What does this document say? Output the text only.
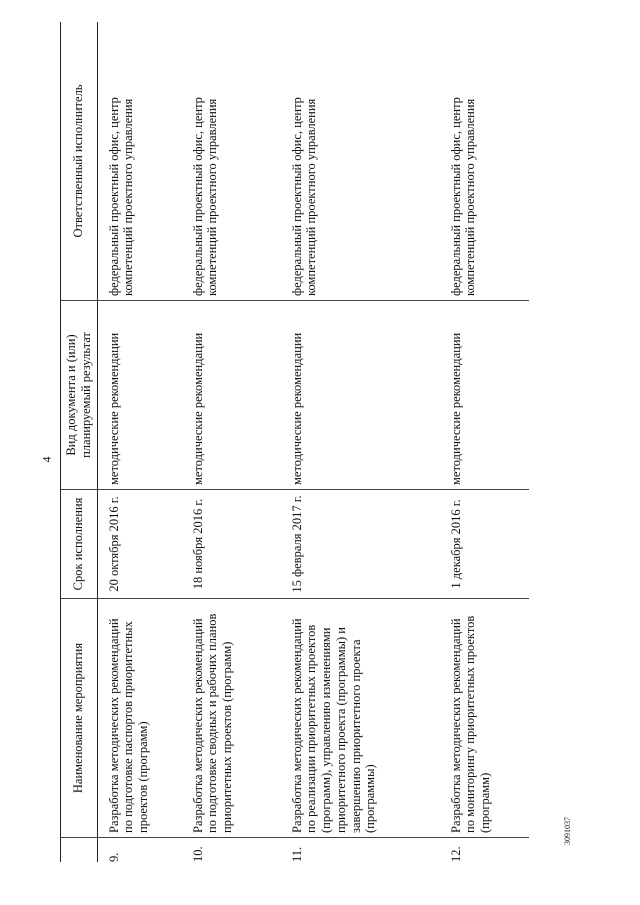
4
3091037
	Наименование мероприятия	Срок исполнения	Вид документа и (или) планируемый результат	Ответственный исполнитель
9.	Разработка методических рекомендаций по подготовке паспортов приоритетных проектов (программ)	20 октября 2016 г.	методические рекомендации	федеральный проектный офис, центр компетенций проектного управления
10.	Разработка методических рекомендаций по подготовке сводных и рабочих планов приоритетных проектов (программ)	18 ноября 2016 г.	методические рекомендации	федеральный проектный офис, центр компетенций проектного управления
11.	Разработка методических рекомендаций по реализации приоритетных проектов (программ), управлению изменениями приоритетного проекта (программы) и завершению приоритетного проекта (программы)	15 февраля 2017 г.	методические рекомендации	федеральный проектный офис, центр компетенций проектного управления
12.	Разработка методических рекомендаций по мониторингу приоритетных проектов (программ)	1 декабря 2016 г.	методические рекомендации	федеральный проектный офис, центр компетенций проектного управления
